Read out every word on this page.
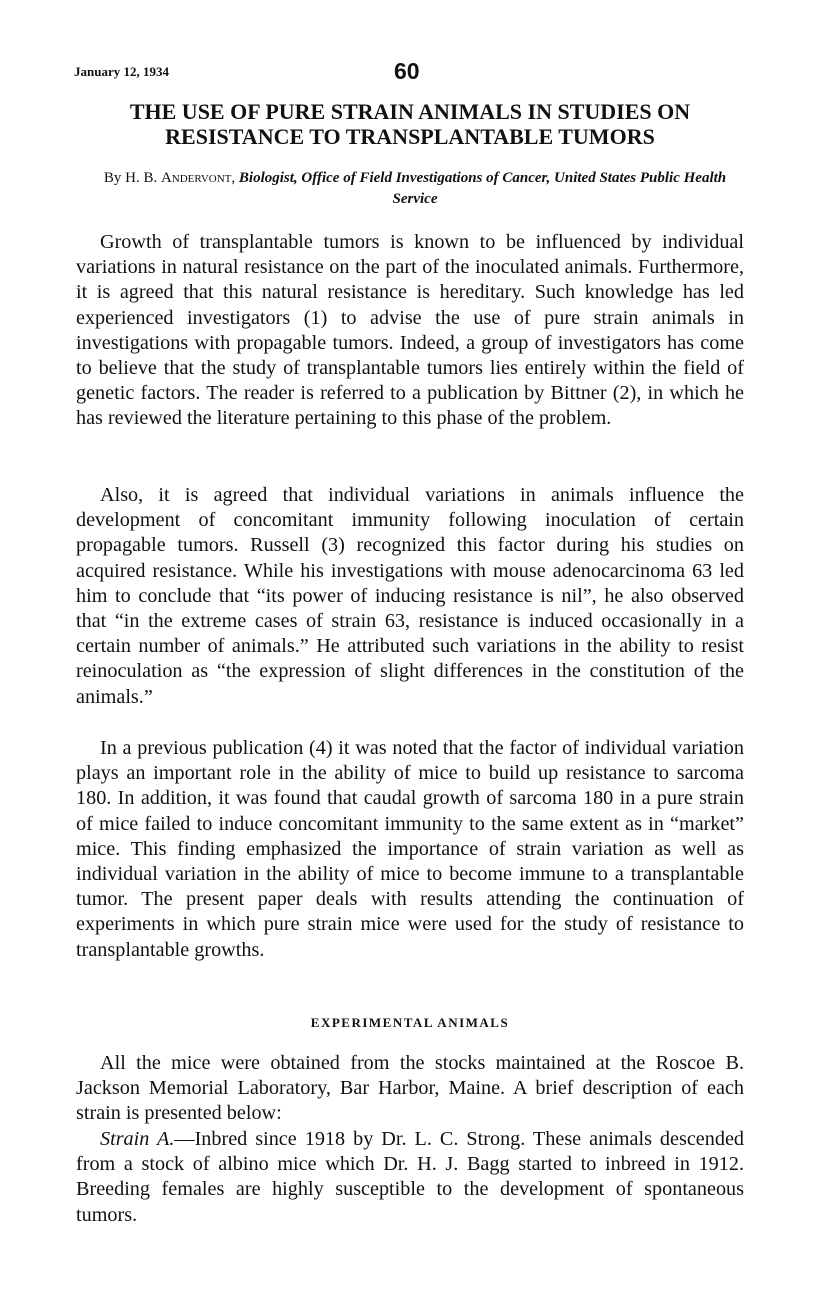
January 12, 1934	60
THE USE OF PURE STRAIN ANIMALS IN STUDIES ON
RESISTANCE TO TRANSPLANTABLE TUMORS

By H. B. Andervont, Biologist, Office of Field Investigations of Cancer, United States Public Health Service

Growth of transplantable tumors is known to be influenced by individual variations in natural resistance on the part of the inoculated animals. Furthermore, it is agreed that this natural resistance is hereditary. Such knowledge has led experienced investigators (1) to advise the use of pure strain animals in investigations with propagable tumors. Indeed, a group of investigators has come to believe that the study of transplantable tumors lies entirely within the field of genetic factors. The reader is referred to a publication by Bittner (2), in which he has reviewed the literature pertaining to this phase of the problem.

Also, it is agreed that individual variations in animals influence the development of concomitant immunity following inoculation of certain propagable tumors. Russell (3) recognized this factor during his studies on acquired resistance. While his investigations with mouse adenocarcinoma 63 led him to conclude that “its power of inducing resistance is nil”, he also observed that “in the extreme cases of strain 63, resistance is induced occasionally in a certain number of animals.” He attributed such variations in the ability to resist reinoculation as “the expression of slight differences in the constitution of the animals.”

In a previous publication (4) it was noted that the factor of individual variation plays an important role in the ability of mice to build up resistance to sarcoma 180. In addition, it was found that caudal growth of sarcoma 180 in a pure strain of mice failed to induce concomitant immunity to the same extent as in “market” mice. This finding emphasized the importance of strain variation as well as individual variation in the ability of mice to become immune to a transplantable tumor. The present paper deals with results attending the continuation of experiments in which pure strain mice were used for the study of resistance to transplantable growths.

EXPERIMENTAL ANIMALS

All the mice were obtained from the stocks maintained at the Roscoe B. Jackson Memorial Laboratory, Bar Harbor, Maine. A brief description of each strain is presented below:

Strain A.—Inbred since 1918 by Dr. L. C. Strong. These animals descended from a stock of albino mice which Dr. H. J. Bagg started to inbreed in 1912. Breeding females are highly susceptible to the development of spontaneous tumors.
